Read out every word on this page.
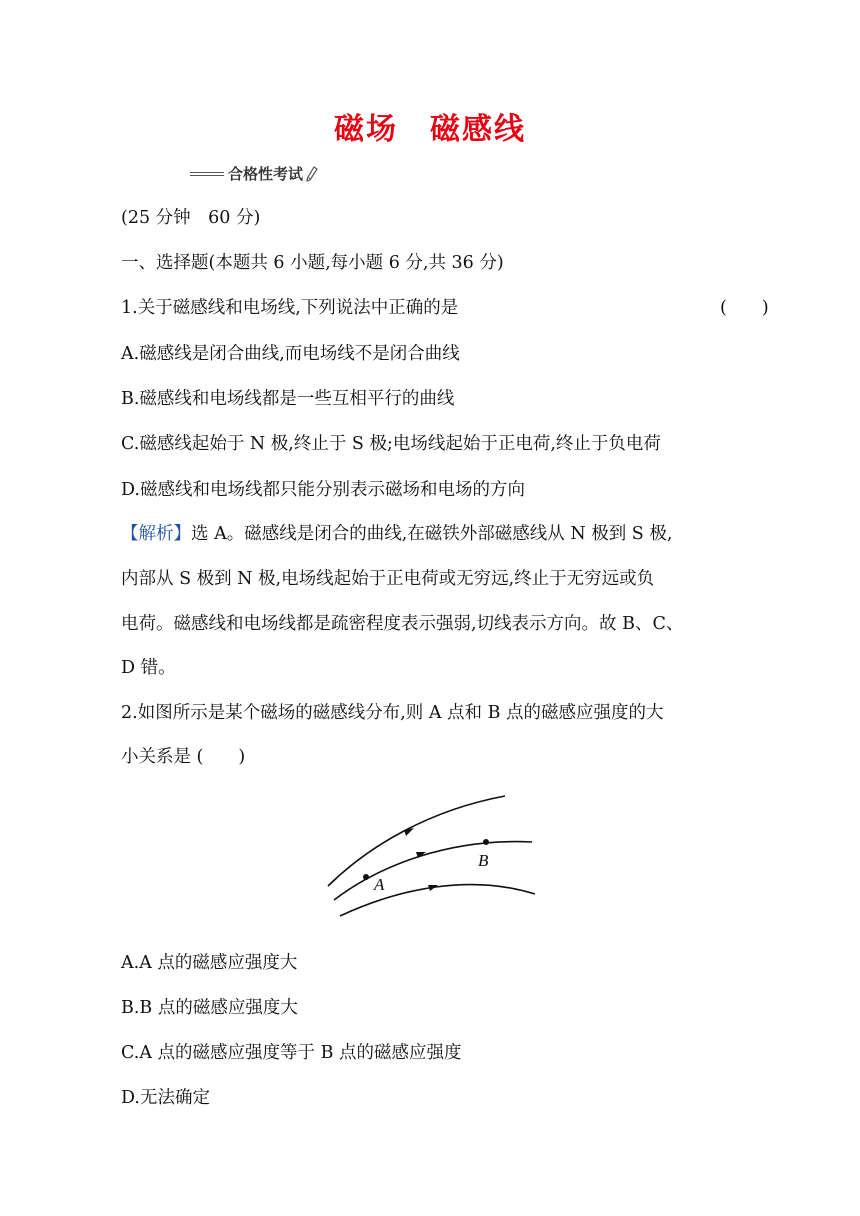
磁场　磁感线
合格性考试
(25 分钟　60 分)
一、选择题(本题共 6 小题,每小题 6 分,共 36 分)
1.关于磁感线和电场线,下列说法中正确的是	(　　)
A.磁感线是闭合曲线,而电场线不是闭合曲线
B.磁感线和电场线都是一些互相平行的曲线
C.磁感线起始于 N 极,终止于 S 极;电场线起始于正电荷,终止于负电荷
D.磁感线和电场线都只能分别表示磁场和电场的方向
【解析】选 A。磁感线是闭合的曲线,在磁铁外部磁感线从 N 极到 S 极,
内部从 S 极到 N 极,电场线起始于正电荷或无穷远,终止于无穷远或负
电荷。磁感线和电场线都是疏密程度表示强弱,切线表示方向。故 B、C、
D 错。
2.如图所示是某个磁场的磁感线分布,则 A 点和 B 点的磁感应强度的大
小关系是 (　　)
A
B
A.A 点的磁感应强度大
B.B 点的磁感应强度大
C.A 点的磁感应强度等于 B 点的磁感应强度
D.无法确定
